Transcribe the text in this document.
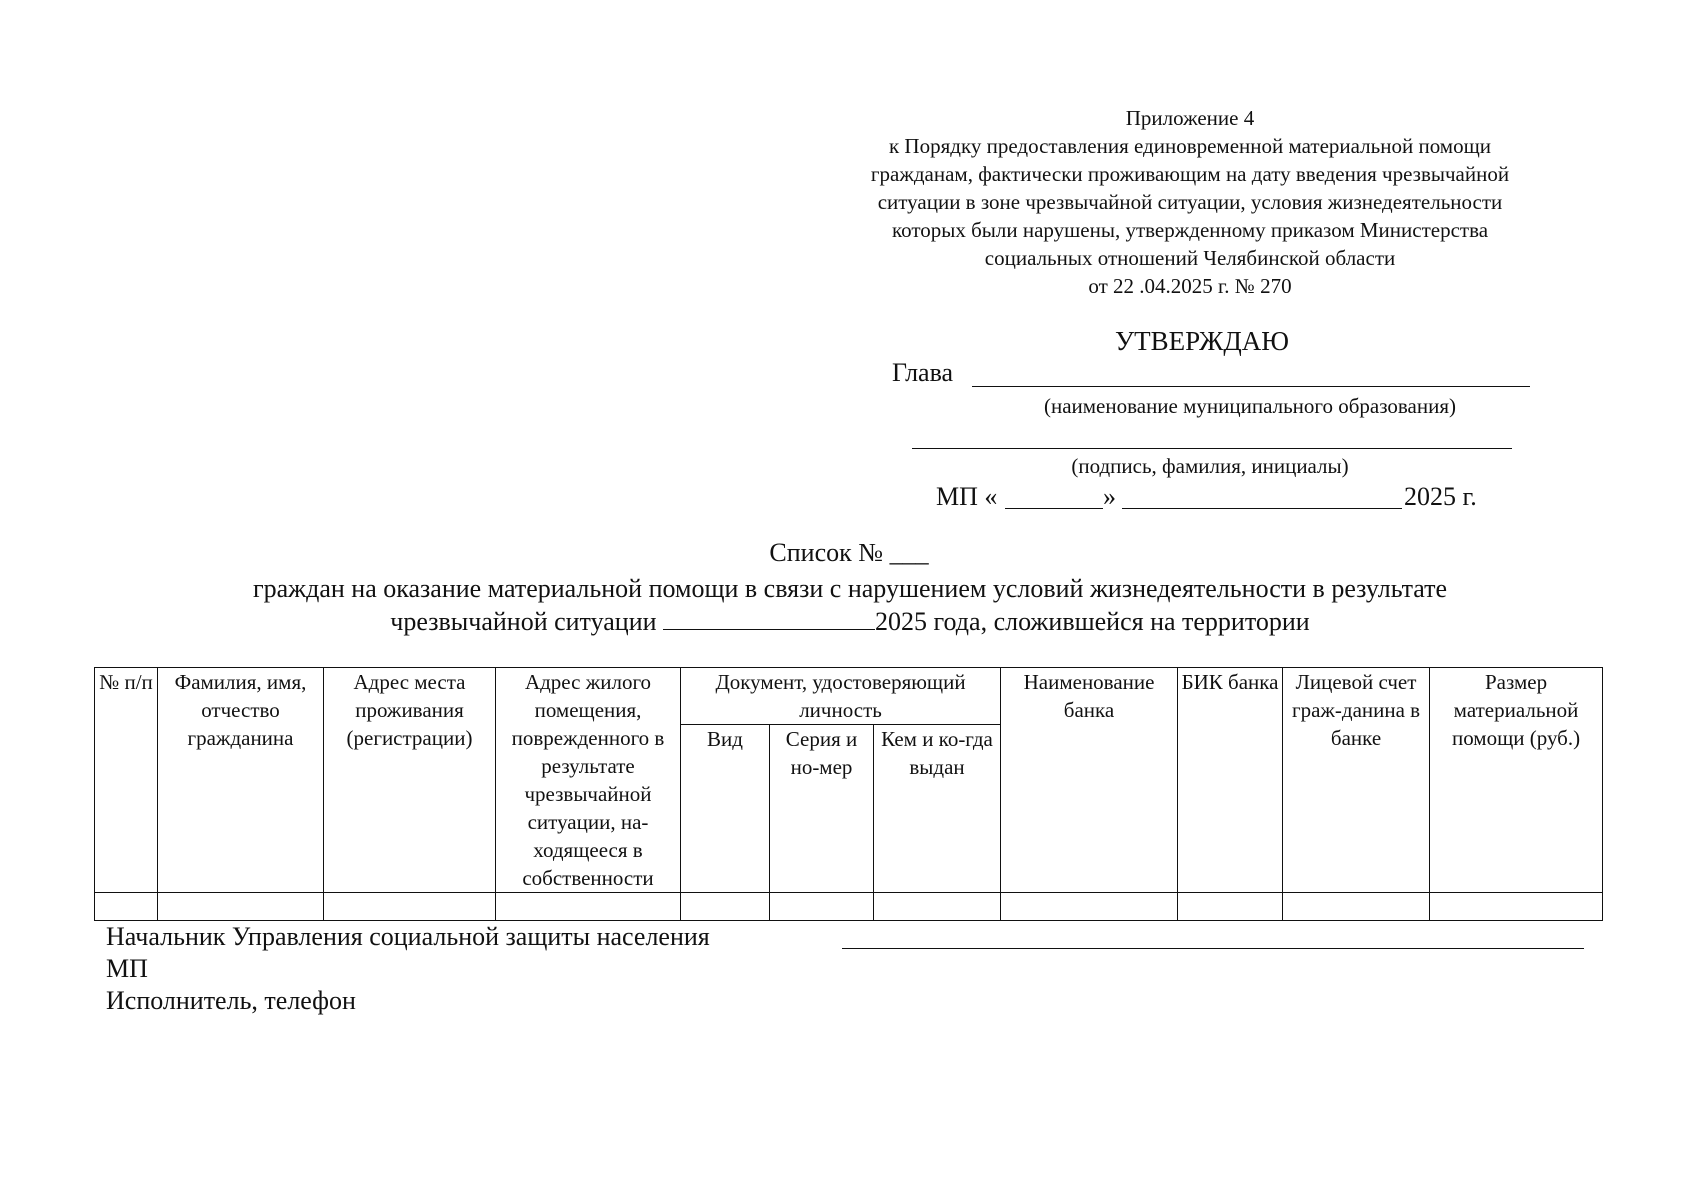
Приложение 4
к Порядку предоставления единовременной материальной помощи
гражданам, фактически проживающим на дату введения чрезвычайной
ситуации в зоне чрезвычайной ситуации, условия жизнедеятельности
которых были нарушены, утвержденному приказом Министерства
социальных отношений Челябинской области
от 22 .04.2025 г. № 270
УТВЕРЖДАЮ
Глава
(наименование муниципального образования)
(подпись, фамилия, инициалы)
МП «	»	2025 г.
Список № ___
граждан на оказание материальной помощи в связи с нарушением условий жизнедеятельности в результате
чрезвычайной ситуации	2025 года, сложившейся на территории
№ п/п	Фамилия, имя, отчество гражданина	Адрес места проживания (регистрации)	Адрес жилого помещения, поврежденного в результате чрезвычайной ситуации, на-ходящееся в собственности	Документ, удостоверяющий личность			Наименование банка	БИК банка	Лицевой счет граж-данина в банке	Размер материальной помощи (руб.)
				Вид	Серия и но-мер	Кем и ко-гда выдан				

Начальник Управления социальной защиты населения
МП
Исполнитель, телефон
